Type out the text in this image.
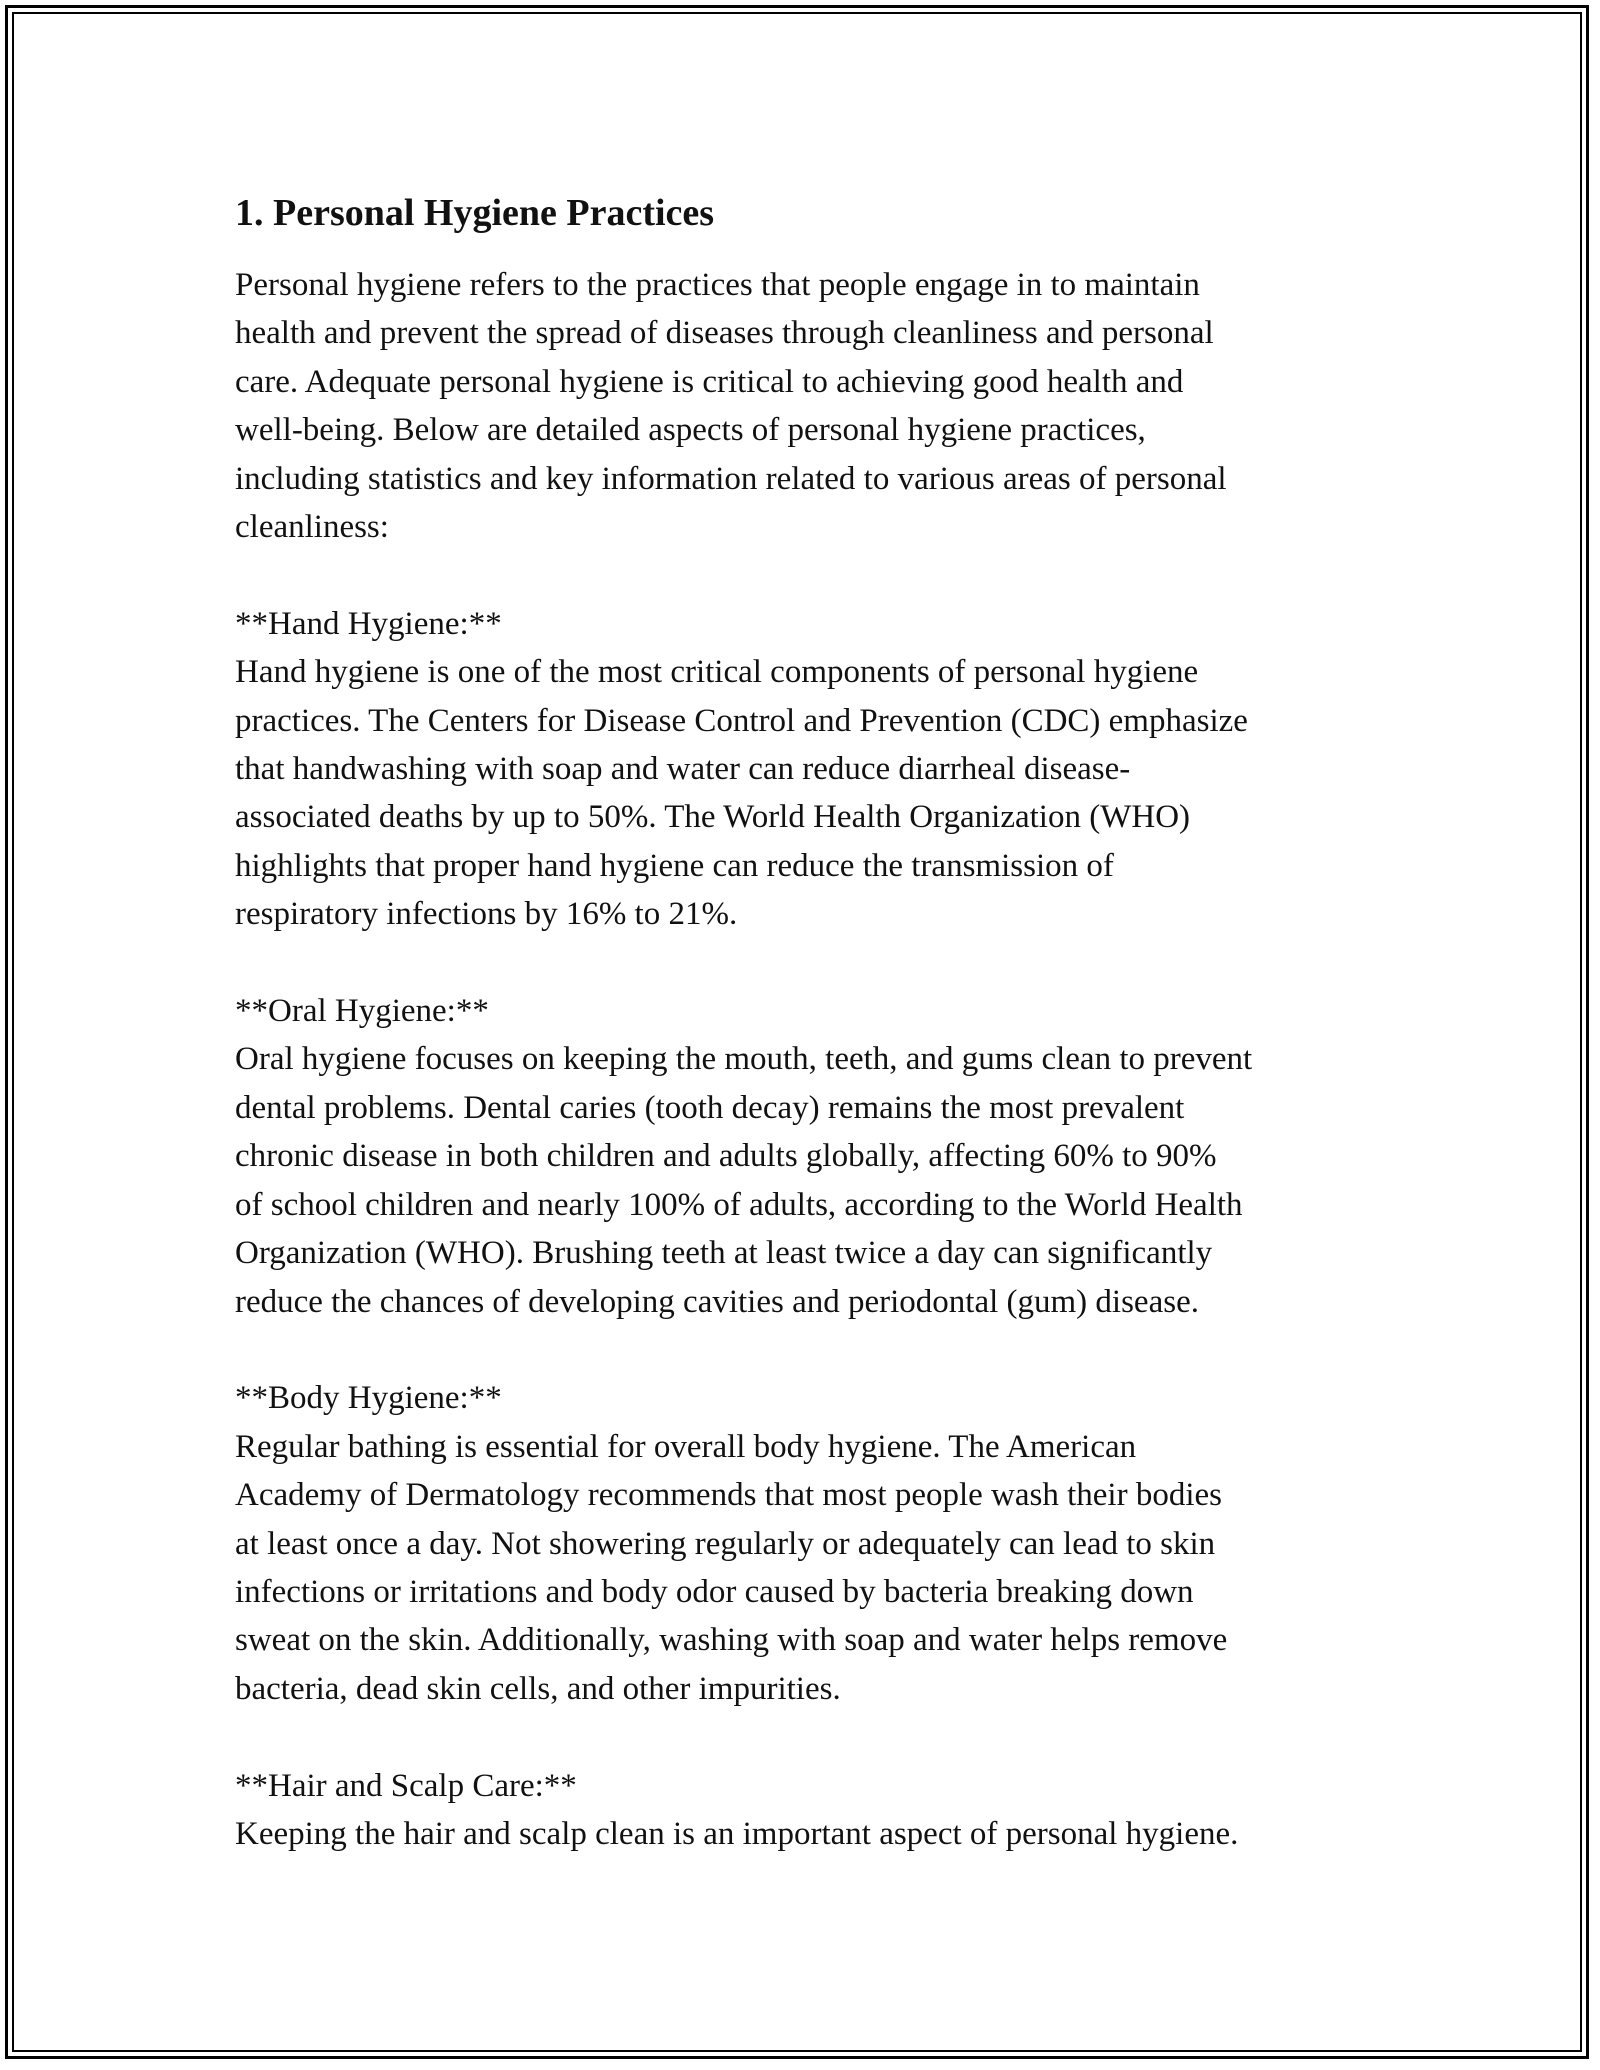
1. Personal Hygiene Practices

Personal hygiene refers to the practices that people engage in to maintain
health and prevent the spread of diseases through cleanliness and personal
care. Adequate personal hygiene is critical to achieving good health and
well-being. Below are detailed aspects of personal hygiene practices,
including statistics and key information related to various areas of personal
cleanliness:

**Hand Hygiene:**

Hand hygiene is one of the most critical components of personal hygiene
practices. The Centers for Disease Control and Prevention (CDC) emphasize
that handwashing with soap and water can reduce diarrheal disease-
associated deaths by up to 50%. The World Health Organization (WHO)
highlights that proper hand hygiene can reduce the transmission of
respiratory infections by 16% to 21%.

**Oral Hygiene:**

Oral hygiene focuses on keeping the mouth, teeth, and gums clean to prevent
dental problems. Dental caries (tooth decay) remains the most prevalent
chronic disease in both children and adults globally, affecting 60% to 90%
of school children and nearly 100% of adults, according to the World Health
Organization (WHO). Brushing teeth at least twice a day can significantly
reduce the chances of developing cavities and periodontal (gum) disease.

**Body Hygiene:**

Regular bathing is essential for overall body hygiene. The American
Academy of Dermatology recommends that most people wash their bodies
at least once a day. Not showering regularly or adequately can lead to skin
infections or irritations and body odor caused by bacteria breaking down
sweat on the skin. Additionally, washing with soap and water helps remove
bacteria, dead skin cells, and other impurities.

**Hair and Scalp Care:**

Keeping the hair and scalp clean is an important aspect of personal hygiene.
